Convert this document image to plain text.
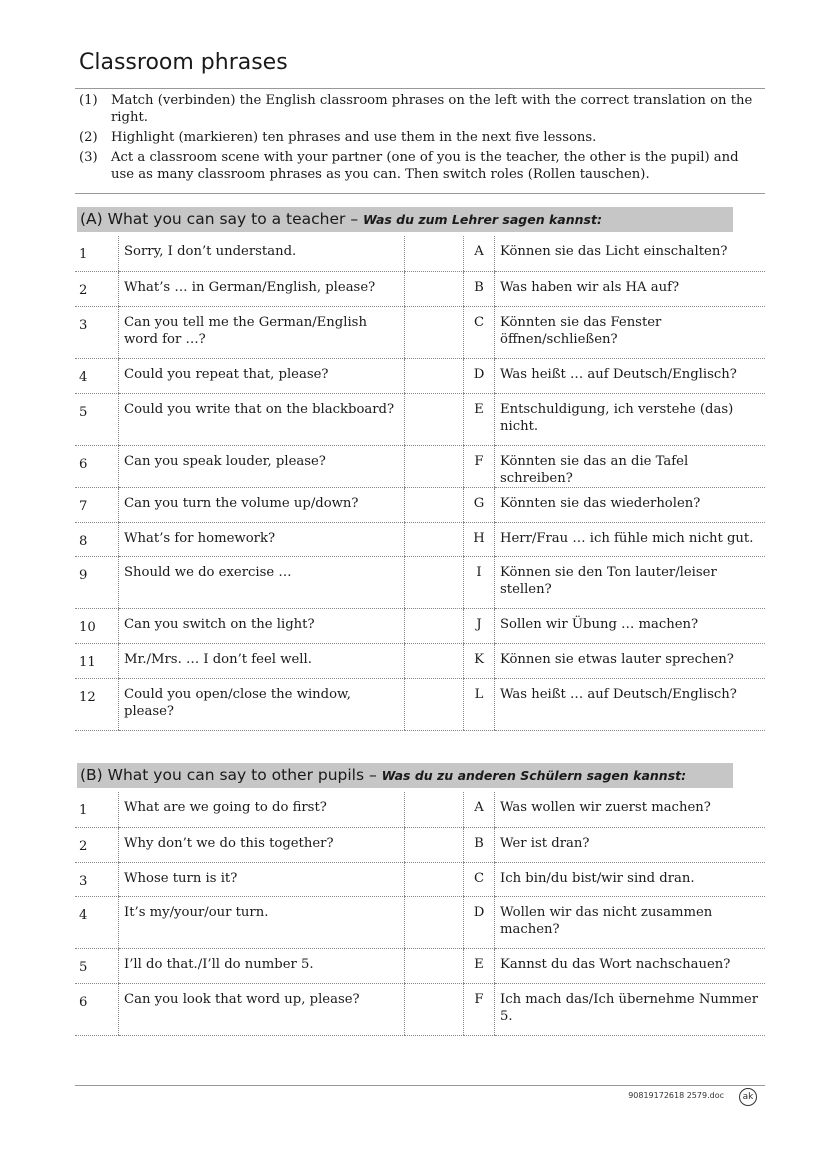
Classroom phrases
(1)	Match (verbinden) the English classroom phrases on the left with the correct translation on the right.
(2)	Highlight (markieren) ten phrases and use them in the next five lessons.
(3)	Act a classroom scene with your partner (one of you is the teacher, the other is the pupil) and use as many classroom phrases as you can. Then switch roles (Rollen tauschen).
(A) What you can say to a teacher – Was du zum Lehrer sagen kannst:
1	Sorry, I don’t understand.		A	Können sie das Licht einschalten?
2	What’s … in German/English, please?		B	Was haben wir als HA auf?
3	Can you tell me the German/English word for …?		C	Könnten sie das Fenster öffnen/schließen?
4	Could you repeat that, please?		D	Was heißt … auf Deutsch/Englisch?
5	Could you write that on the blackboard?		E	Entschuldigung, ich verstehe (das) nicht.
6	Can you speak louder, please?		F	Könnten sie das an die Tafel schreiben?
7	Can you turn the volume up/down?		G	Könnten sie das wiederholen?
8	What’s for homework?		H	Herr/Frau … ich fühle mich nicht gut.
9	Should we do exercise …		I	Können sie den Ton lauter/leiser stellen?
10	Can you switch on the light?		J	Sollen wir Übung … machen?
11	Mr./Mrs. … I don’t feel well.		K	Können sie etwas lauter sprechen?
12	Could you open/close the window, please?		L	Was heißt … auf Deutsch/Englisch?
(B) What you can say to other pupils – Was du zu anderen Schülern sagen kannst:
1	What are we going to do first?		A	Was wollen wir zuerst machen?
2	Why don’t we do this together?		B	Wer ist dran?
3	Whose turn is it?		C	Ich bin/du bist/wir sind dran.
4	It’s my/your/our turn.		D	Wollen wir das nicht zusammen machen?
5	I’ll do that./I’ll do number 5.		E	Kannst du das Wort nachschauen?
6	Can you look that word up, please?		F	Ich mach das/Ich übernehme Nummer 5.
90819172618 2579.doc	ak
